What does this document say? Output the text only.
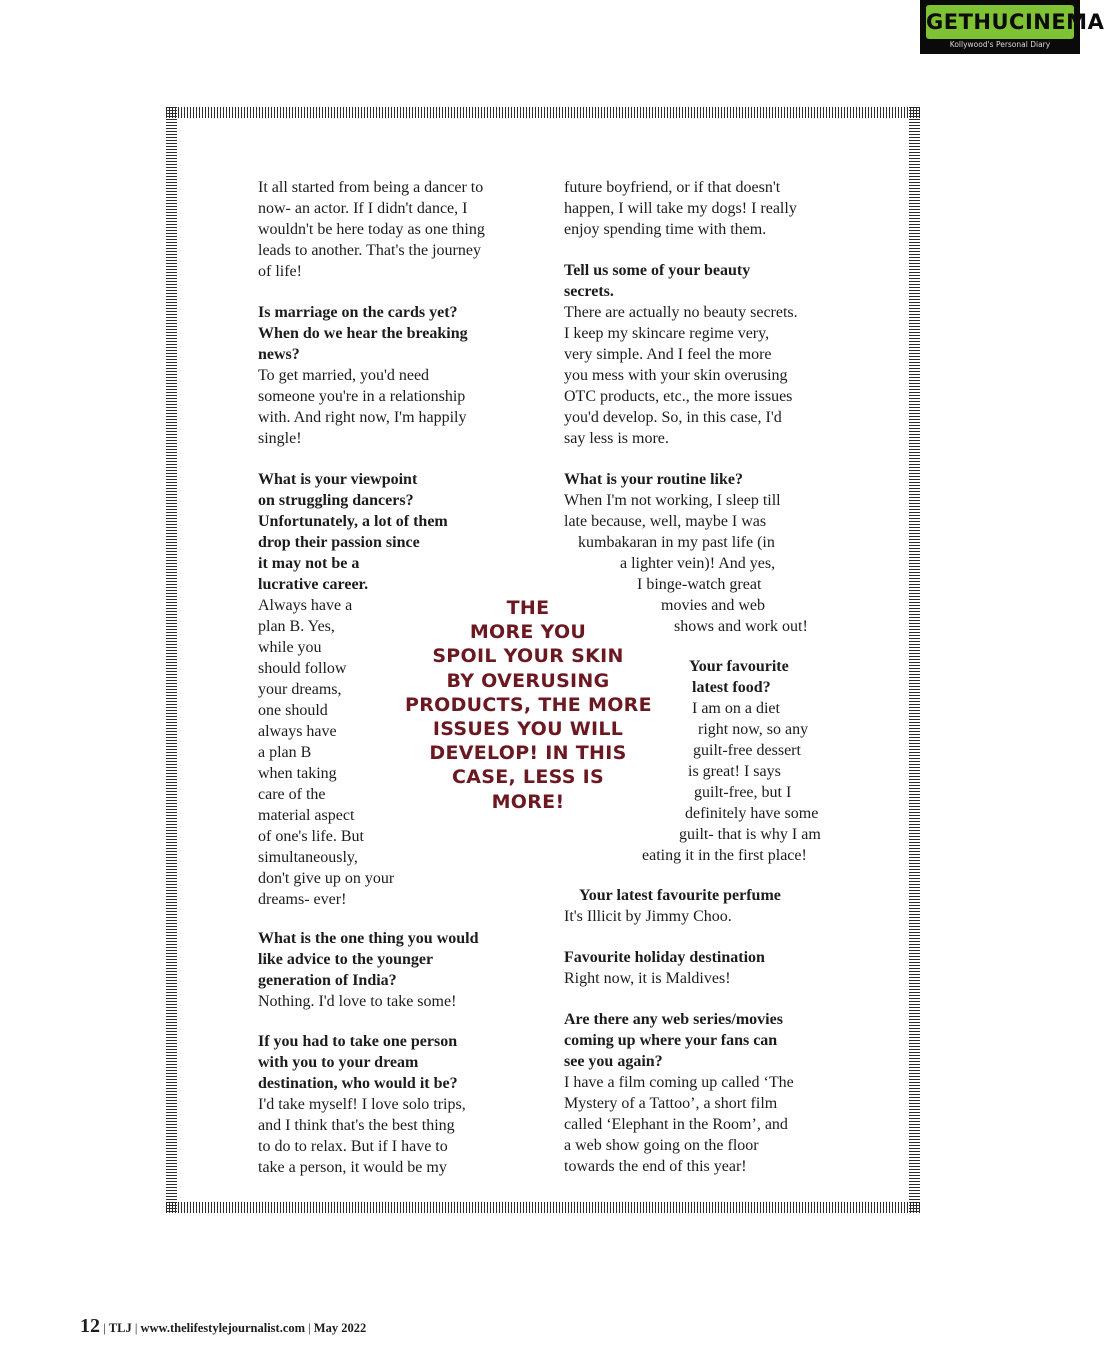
GETHUCINEMA
Kollywood's Personal Diary
It all started from being a dancer to
now- an actor. If I didn't dance, I
wouldn't be here today as one thing
leads to another. That's the journey
of life!
Is marriage on the cards yet?
When do we hear the breaking
news?
To get married, you'd need
someone you're in a relationship
with. And right now, I'm happily
single!
What is your viewpoint
on struggling dancers?
Unfortunately, a lot of them
drop their passion since
it may not be a
lucrative career.
Always have a
plan B. Yes,
while you
should follow
your dreams,
one should
always have
a plan B
when taking
care of the
material aspect
of one's life. But
simultaneously,
don't give up on your
dreams- ever!
What is the one thing you would
like advice to the younger
generation of India?
Nothing. I'd love to take some!
If you had to take one person
with you to your dream
destination, who would it be?
I'd take myself! I love solo trips,
and I think that's the best thing
to do to relax. But if I have to
take a person, it would be my
future boyfriend, or if that doesn't
happen, I will take my dogs! I really
enjoy spending time with them.
Tell us some of your beauty
secrets.
There are actually no beauty secrets.
I keep my skincare regime very,
very simple. And I feel the more
you mess with your skin overusing
OTC products, etc., the more issues
you'd develop. So, in this case, I'd
say less is more.
What is your routine like?
When I'm not working, I sleep till
late because, well, maybe I was
kumbakaran in my past life (in
a lighter vein)! And yes,
I binge-watch great
movies and web
shows and work out!
Your favourite
latest food?
I am on a diet
right now, so any
guilt-free dessert
is great! I says
guilt-free, but I
definitely have some
guilt- that is why I am
eating it in the first place!
Your latest favourite perfume
It's Illicit by Jimmy Choo.
Favourite holiday destination
Right now, it is Maldives!
Are there any web series/movies
coming up where your fans can
see you again?
I have a film coming up called ‘The
Mystery of a Tattoo’, a short film
called ‘Elephant in the Room’, and
a web show going on the floor
towards the end of this year!
THE
MORE YOU
SPOIL YOUR SKIN
BY OVERUSING
PRODUCTS, THE MORE
ISSUES YOU WILL
DEVELOP! IN THIS
CASE, LESS IS
MORE!
12 | TLJ | www.thelifestylejournalist.com | May 2022
